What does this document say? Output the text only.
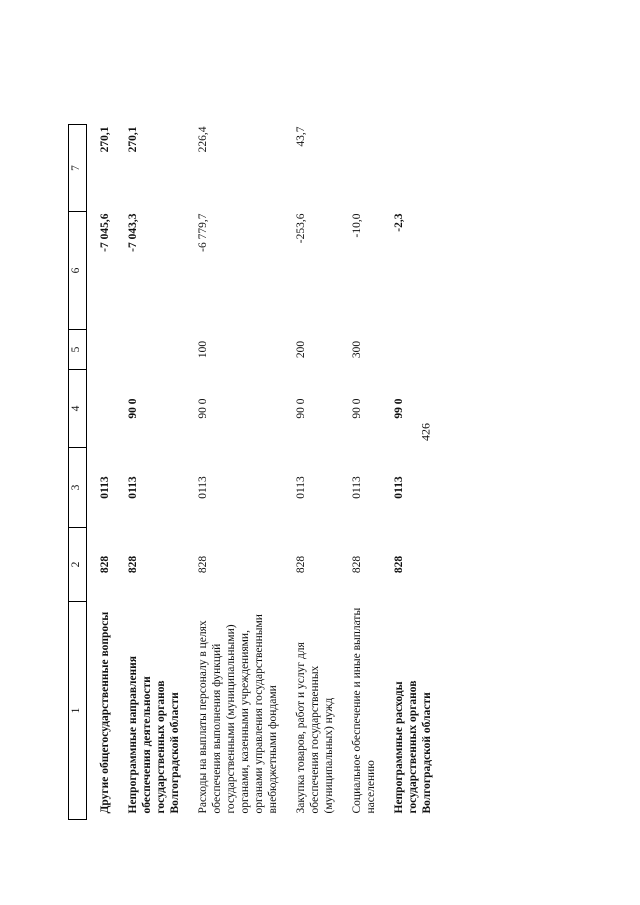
426
1	2	3	4	5	6	7

Другие общегосударственные вопросы	828	0113			-7 045,6	270,1
Непрограммные направления обеспечения деятельности государственных органов Волгоградской области	828	0113	90 0		-7 043,3	270,1
Расходы на выплаты персоналу в целях обеспечения выполнения функций государственными (муниципальными) органами, казенными учреждениями, органами управления государственными внебюджетными фондами	828	0113	90 0	100	-6 779,7	226,4
Закупка товаров, работ и услуг для обеспечения государственных (муниципальных) нужд	828	0113	90 0	200	-253,6	43,7
Социальное обеспечение и иные выплаты населению	828	0113	90 0	300	-10,0	
Непрограммные расходы государственных органов Волгоградской области	828	0113	99 0		-2,3	
